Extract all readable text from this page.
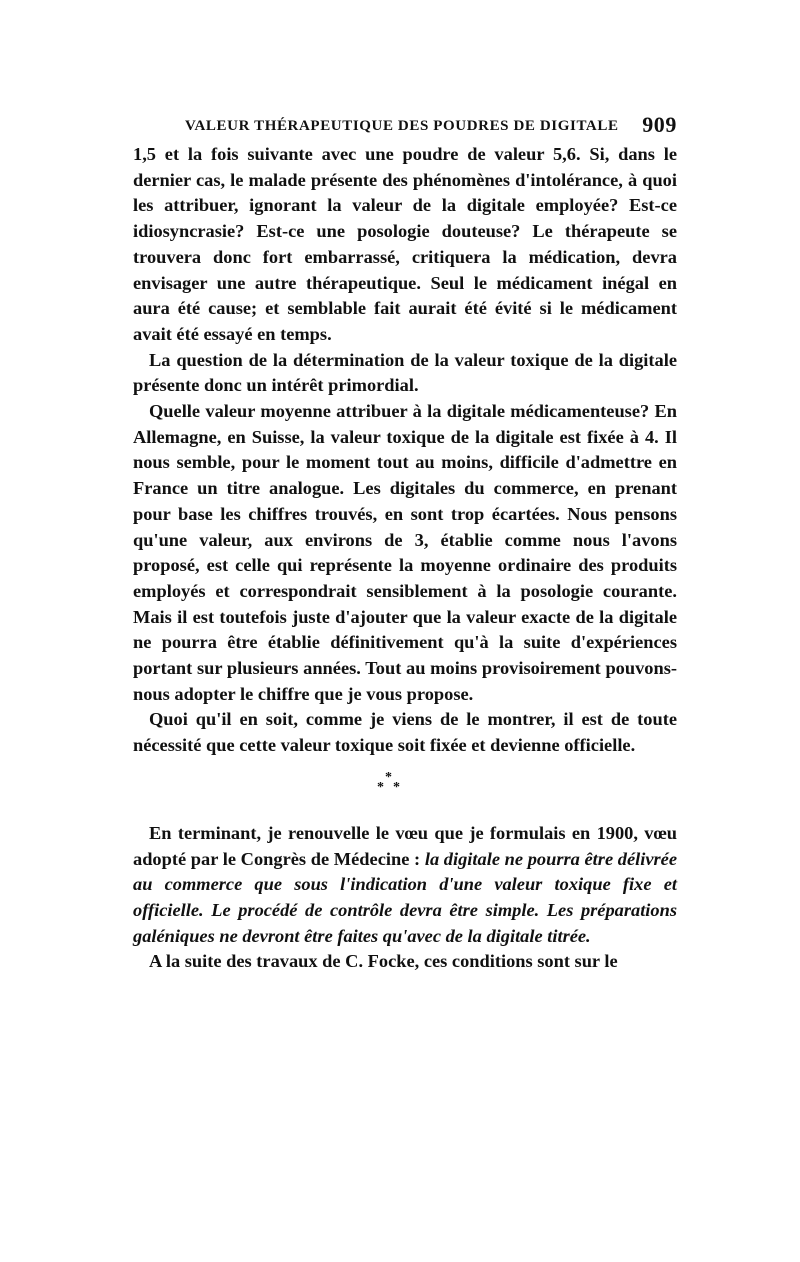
VALEUR THÉRAPEUTIQUE DES POUDRES DE DIGITALE 909

1,5 et la fois suivante avec une poudre de valeur 5,6. Si, dans le dernier cas, le malade présente des phénomènes d'intolérance, à quoi les attribuer, ignorant la valeur de la digitale employée? Est-ce idiosyncrasie? Est-ce une posologie douteuse? Le thérapeute se trouvera donc fort embarrassé, critiquera la médication, devra envisager une autre thérapeutique. Seul le médicament inégal en aura été cause; et semblable fait aurait été évité si le médicament avait été essayé en temps.

La question de la détermination de la valeur toxique de la digitale présente donc un intérêt primordial.

Quelle valeur moyenne attribuer à la digitale médicamenteuse? En Allemagne, en Suisse, la valeur toxique de la digitale est fixée à 4. Il nous semble, pour le moment tout au moins, difficile d'admettre en France un titre analogue. Les digitales du commerce, en prenant pour base les chiffres trouvés, en sont trop écartées. Nous pensons qu'une valeur, aux environs de 3, établie comme nous l'avons proposé, est celle qui représente la moyenne ordinaire des produits employés et correspondrait sensiblement à la posologie courante. Mais il est toutefois juste d'ajouter que la valeur exacte de la digitale ne pourra être établie définitivement qu'à la suite d'expériences portant sur plusieurs années. Tout au moins provisoirement pouvons-nous adopter le chiffre que je vous propose.

Quoi qu'il en soit, comme je viens de le montrer, il est de toute nécessité que cette valeur toxique soit fixée et devienne officielle.

*
* *

En terminant, je renouvelle le vœu que je formulais en 1900, vœu adopté par le Congrès de Médecine : la digitale ne pourra être délivrée au commerce que sous l'indication d'une valeur toxique fixe et officielle. Le procédé de contrôle devra être simple. Les préparations galéniques ne devront être faites qu'avec de la digitale titrée.

A la suite des travaux de C. Focke, ces conditions sont sur le
